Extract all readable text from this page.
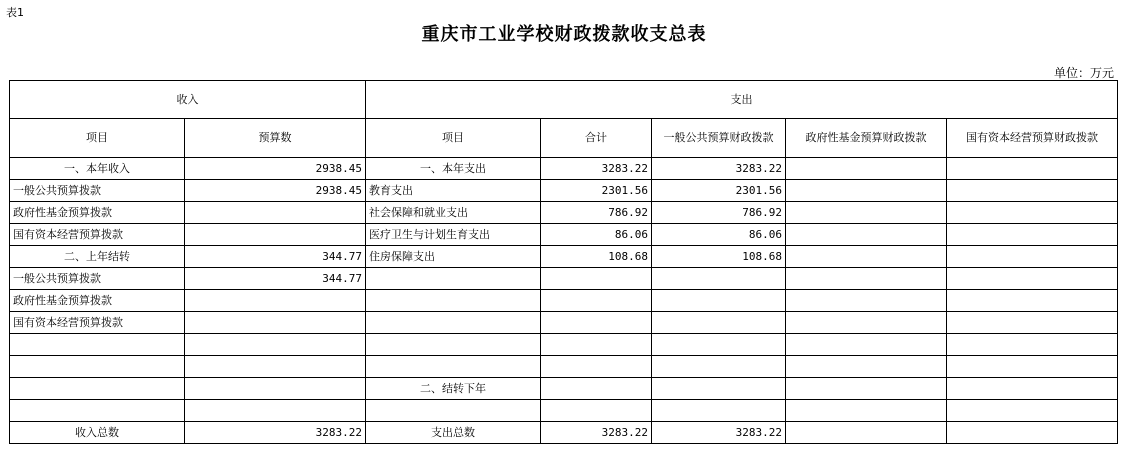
表1
重庆市工业学校财政拨款收支总表
单位：万元
收入		支出				
项目	预算数	项目	合计	一般公共预算财政拨款	政府性基金预算财政拨款	国有资本经营预算财政拨款
一、本年收入	2938.45	一、本年支出	3283.22	3283.22		
一般公共预算拨款	2938.45	教育支出	2301.56	2301.56		
政府性基金预算拨款		社会保障和就业支出	786.92	786.92		
国有资本经营预算拨款		医疗卫生与计划生育支出	86.06	86.06		
二、上年结转	344.77	住房保障支出	108.68	108.68		
一般公共预算拨款	344.77					
政府性基金预算拨款						
国有资本经营预算拨款						

		二、结转下年				

收入总数	3283.22	支出总数	3283.22	3283.22		
